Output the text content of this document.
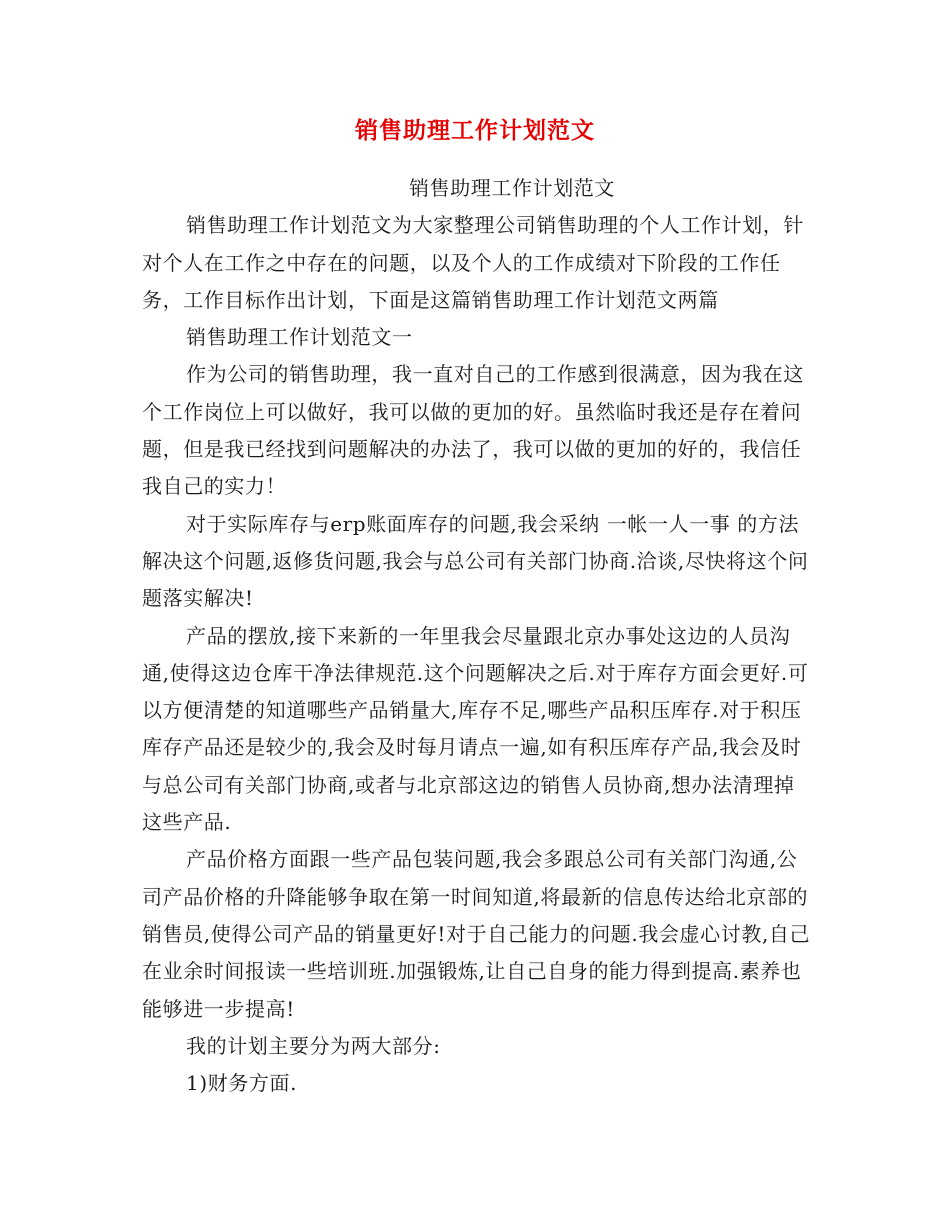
销售助理工作计划范文

销售助理工作计划范文

销售助理工作计划范文为大家整理公司销售助理的个人工作计划，针对个人在工作之中存在的问题，以及个人的工作成绩对下阶段的工作任务，工作目标作出计划，下面是这篇销售助理工作计划范文两篇

销售助理工作计划范文一

作为公司的销售助理，我一直对自己的工作感到很满意，因为我在这个工作岗位上可以做好，我可以做的更加的好。虽然临时我还是存在着问题，但是我已经找到问题解决的办法了，我可以做的更加的好的，我信任我自己的实力！

对于实际库存与erp账面库存的问题,我会采纳 一帐一人一事 的方法解决这个问题,返修货问题,我会与总公司有关部门协商.洽谈,尽快将这个问题落实解决!

产品的摆放,接下来新的一年里我会尽量跟北京办事处这边的人员沟通,使得这边仓库干净法律规范.这个问题解决之后.对于库存方面会更好.可以方便清楚的知道哪些产品销量大,库存不足,哪些产品积压库存.对于积压库存产品还是较少的,我会及时每月请点一遍,如有积压库存产品,我会及时与总公司有关部门协商,或者与北京部这边的销售人员协商,想办法清理掉这些产品.

产品价格方面跟一些产品包装问题,我会多跟总公司有关部门沟通,公司产品价格的升降能够争取在第一时间知道,将最新的信息传达给北京部的销售员,使得公司产品的销量更好!对于自己能力的问题.我会虚心讨教,自己在业余时间报读一些培训班.加强锻炼,让自己自身的能力得到提高.素养也能够进一步提高!

我的计划主要分为两大部分:

1)财务方面.
